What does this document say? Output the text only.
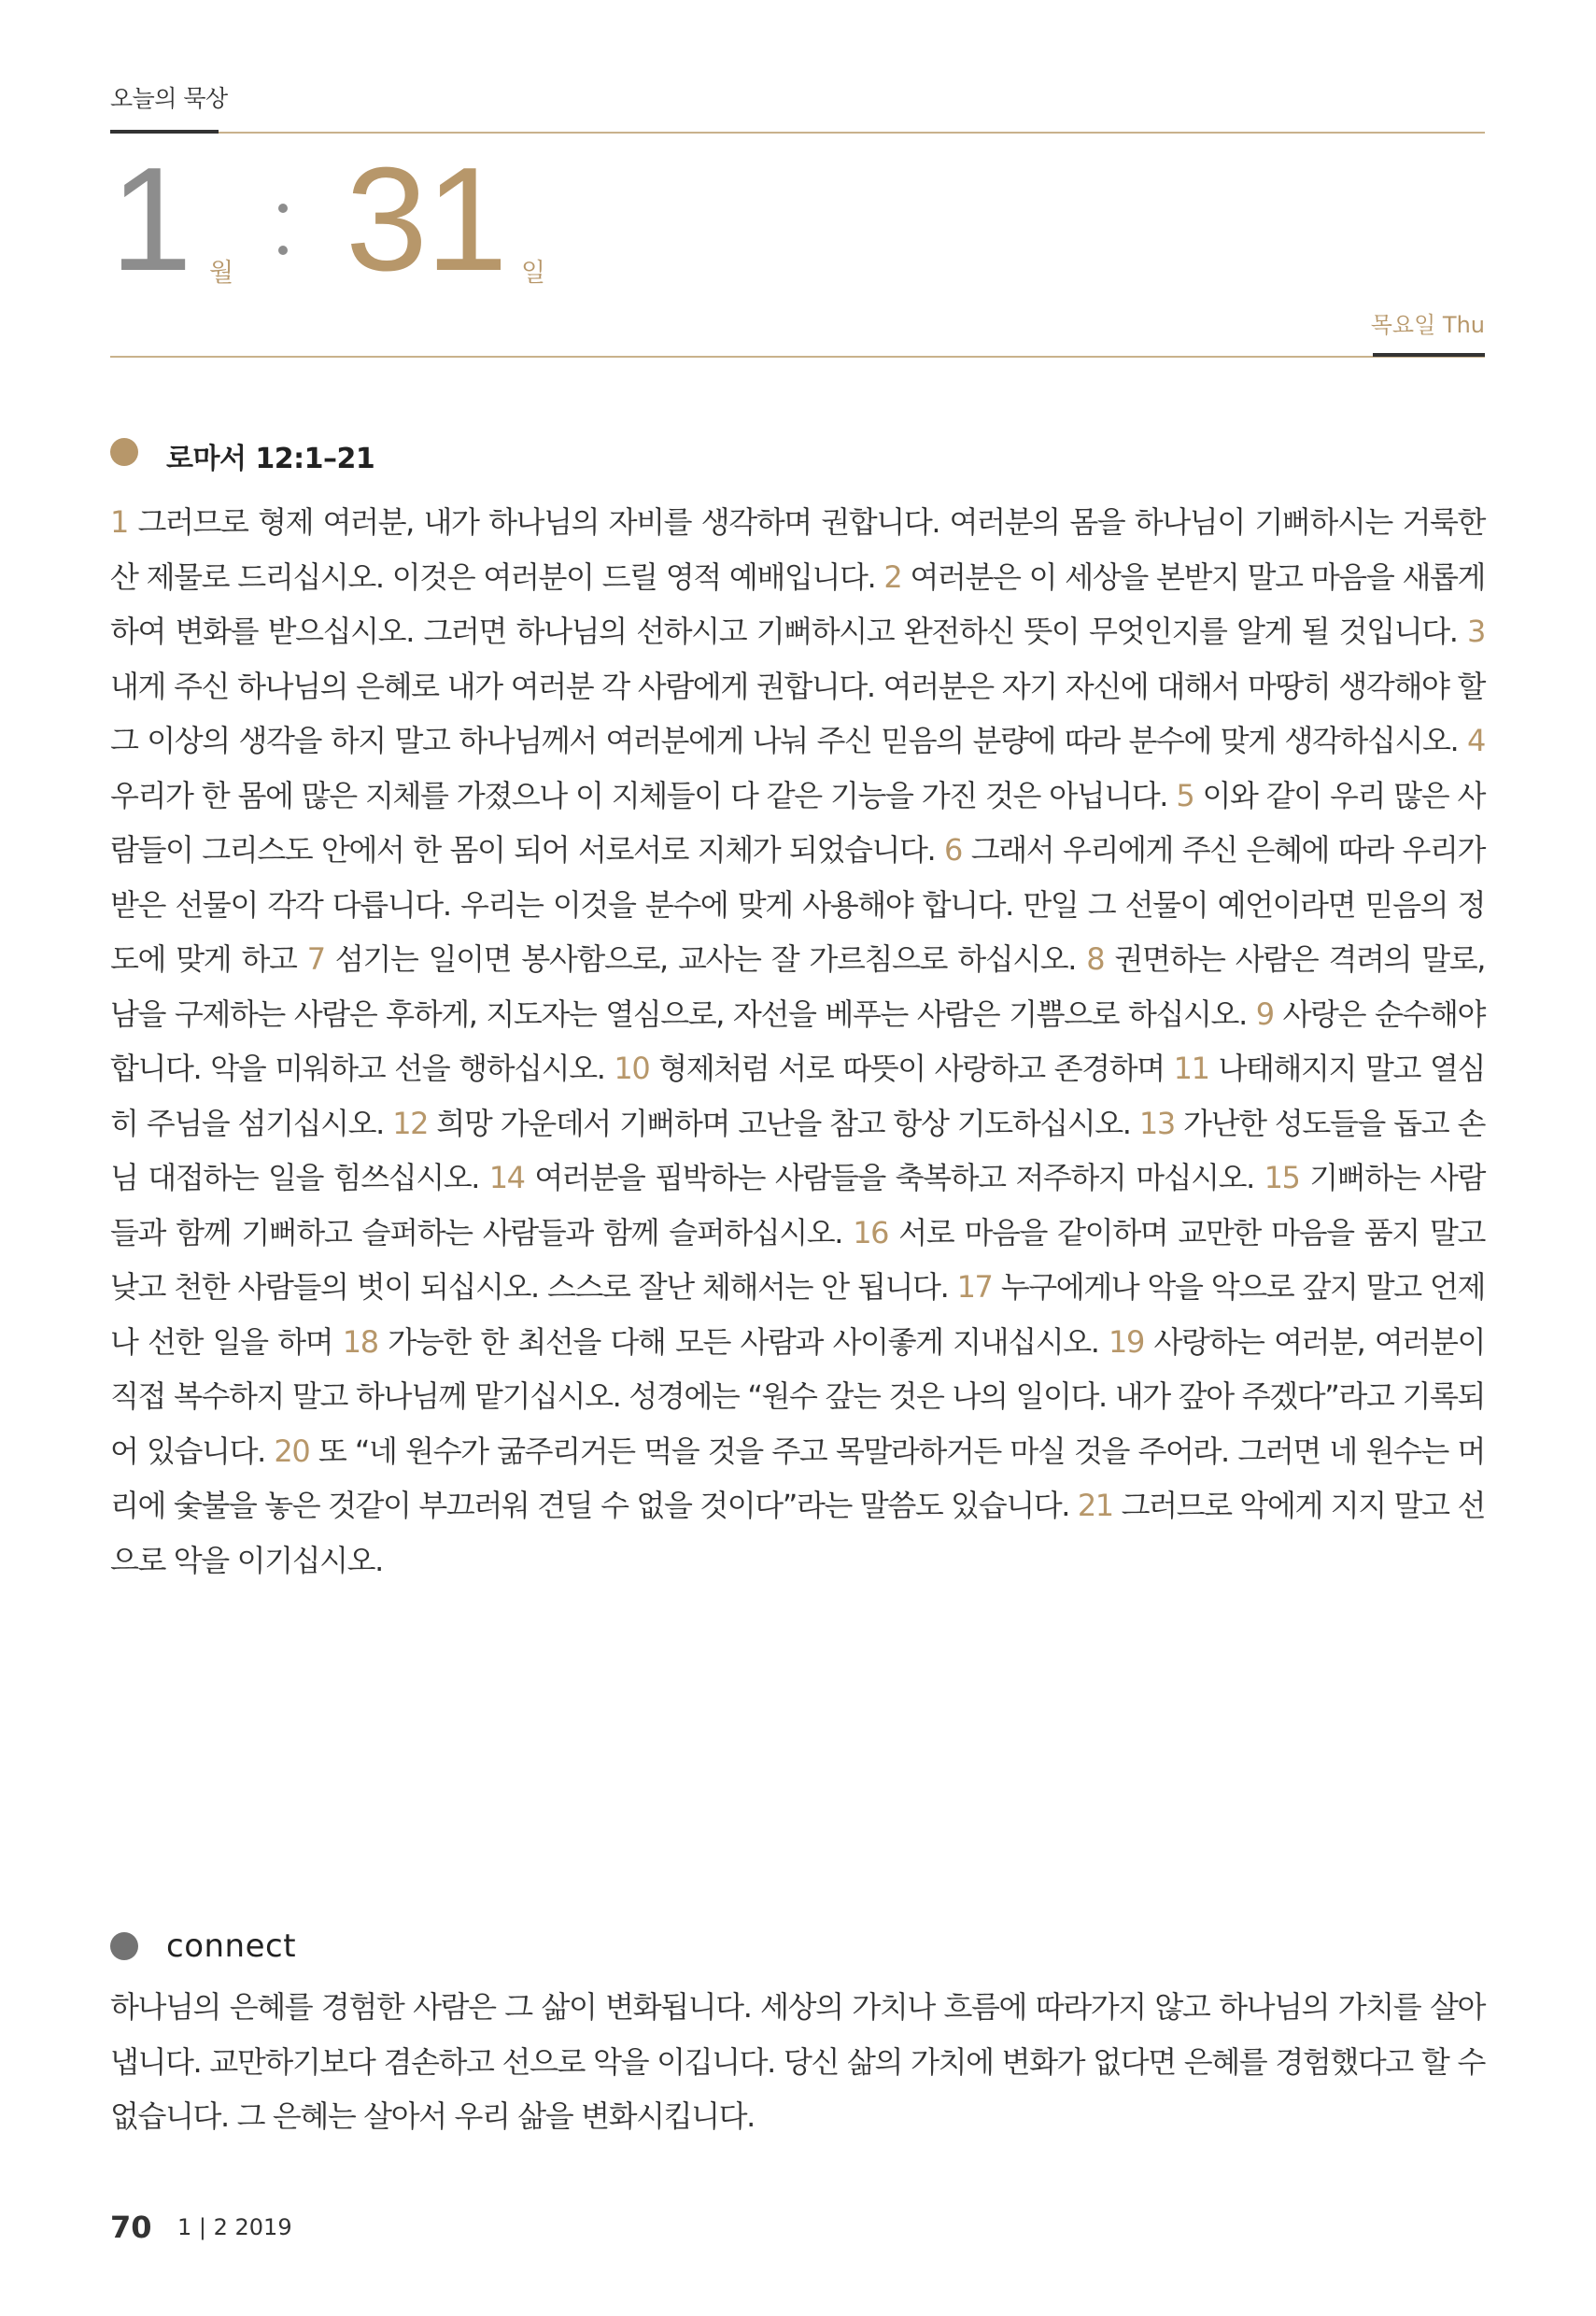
오늘의 묵상
1 월 31 일
목요일 Thu
로마서 12:1–21
1 그러므로 형제 여러분, 내가 하나님의 자비를 생각하며 권합니다. 여러분의 몸을 하나님이 기뻐하시는 거룩한 산 제물로 드리십시오. 이것은 여러분이 드릴 영적 예배입니다. 2 여러분은 이 세상을 본받지 말고 마음을 새롭게 하여 변화를 받으십시오. 그러면 하나님의 선하시고 기뻐하시고 완전하신 뜻이 무엇인지를 알게 될 것입니다. 3 내게 주신 하나님의 은혜로 내가 여러분 각 사람에게 권합니다. 여러분은 자기 자신에 대해서 마땅히 생각해야 할 그 이상의 생각을 하지 말고 하나님께서 여러분에게 나눠 주신 믿음의 분량에 따라 분수에 맞게 생각하십시오. 4 우리가 한 몸에 많은 지체를 가졌으나 이 지체들이 다 같은 기능을 가진 것은 아닙니다. 5 이와 같이 우리 많은 사람들이 그리스도 안에서 한 몸이 되어 서로서로 지체가 되었습니다. 6 그래서 우리에게 주신 은혜에 따라 우리가 받은 선물이 각각 다릅니다. 우리는 이것을 분수에 맞게 사용해야 합니다. 만일 그 선물이 예언이라면 믿음의 정도에 맞게 하고 7 섬기는 일이면 봉사함으로, 교사는 잘 가르침으로 하십시오. 8 권면하는 사람은 격려의 말로, 남을 구제하는 사람은 후하게, 지도자는 열심으로, 자선을 베푸는 사람은 기쁨으로 하십시오. 9 사랑은 순수해야 합니다. 악을 미워하고 선을 행하십시오. 10 형제처럼 서로 따뜻이 사랑하고 존경하며 11 나태해지지 말고 열심히 주님을 섬기십시오. 12 희망 가운데서 기뻐하며 고난을 참고 항상 기도하십시오. 13 가난한 성도들을 돕고 손님 대접하는 일을 힘쓰십시오. 14 여러분을 핍박하는 사람들을 축복하고 저주하지 마십시오. 15 기뻐하는 사람들과 함께 기뻐하고 슬퍼하는 사람들과 함께 슬퍼하십시오. 16 서로 마음을 같이하며 교만한 마음을 품지 말고 낮고 천한 사람들의 벗이 되십시오. 스스로 잘난 체해서는 안 됩니다. 17 누구에게나 악을 악으로 갚지 말고 언제나 선한 일을 하며 18 가능한 한 최선을 다해 모든 사람과 사이좋게 지내십시오. 19 사랑하는 여러분, 여러분이 직접 복수하지 말고 하나님께 맡기십시오. 성경에는 “원수 갚는 것은 나의 일이다. 내가 갚아 주겠다”라고 기록되어 있습니다. 20 또 “네 원수가 굶주리거든 먹을 것을 주고 목말라하거든 마실 것을 주어라. 그러면 네 원수는 머리에 숯불을 놓은 것같이 부끄러워 견딜 수 없을 것이다”라는 말씀도 있습니다. 21 그러므로 악에게 지지 말고 선으로 악을 이기십시오.
connect
하나님의 은혜를 경험한 사람은 그 삶이 변화됩니다. 세상의 가치나 흐름에 따라가지 않고 하나님의 가치를 살아냅니다. 교만하기보다 겸손하고 선으로 악을 이깁니다. 당신 삶의 가치에 변화가 없다면 은혜를 경험했다고 할 수 없습니다. 그 은혜는 살아서 우리 삶을 변화시킵니다.
70 1 | 2 2019
